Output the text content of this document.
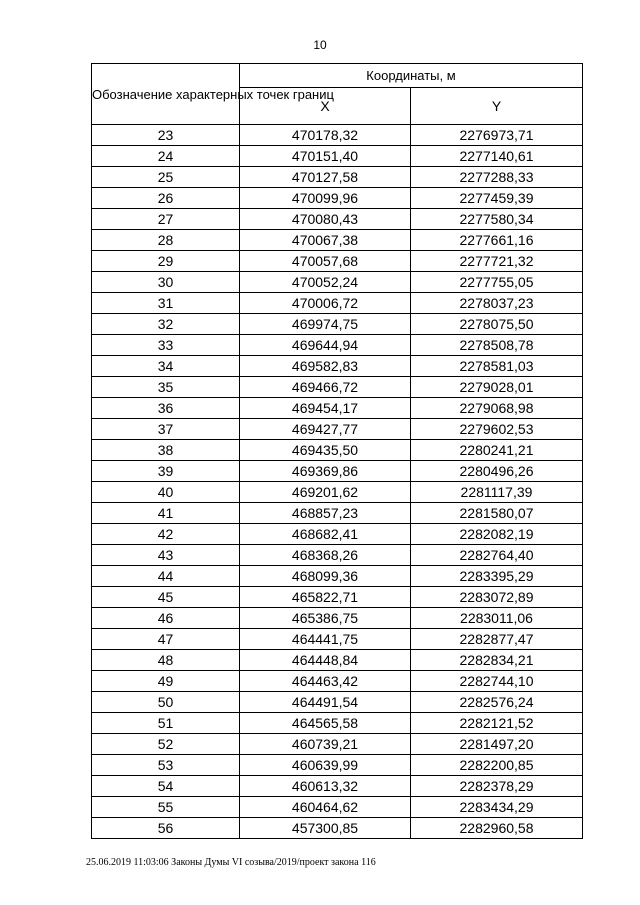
10
Обозначение характерных точек границ	Координаты, м	
	X	Y
23	470178,32	2276973,71
24	470151,40	2277140,61
25	470127,58	2277288,33
26	470099,96	2277459,39
27	470080,43	2277580,34
28	470067,38	2277661,16
29	470057,68	2277721,32
30	470052,24	2277755,05
31	470006,72	2278037,23
32	469974,75	2278075,50
33	469644,94	2278508,78
34	469582,83	2278581,03
35	469466,72	2279028,01
36	469454,17	2279068,98
37	469427,77	2279602,53
38	469435,50	2280241,21
39	469369,86	2280496,26
40	469201,62	2281117,39
41	468857,23	2281580,07
42	468682,41	2282082,19
43	468368,26	2282764,40
44	468099,36	2283395,29
45	465822,71	2283072,89
46	465386,75	2283011,06
47	464441,75	2282877,47
48	464448,84	2282834,21
49	464463,42	2282744,10
50	464491,54	2282576,24
51	464565,58	2282121,52
52	460739,21	2281497,20
53	460639,99	2282200,85
54	460613,32	2282378,29
55	460464,62	2283434,29
56	457300,85	2282960,58
25.06.2019 11:03:06 Законы Думы VI созыва/2019/проект закона 116
